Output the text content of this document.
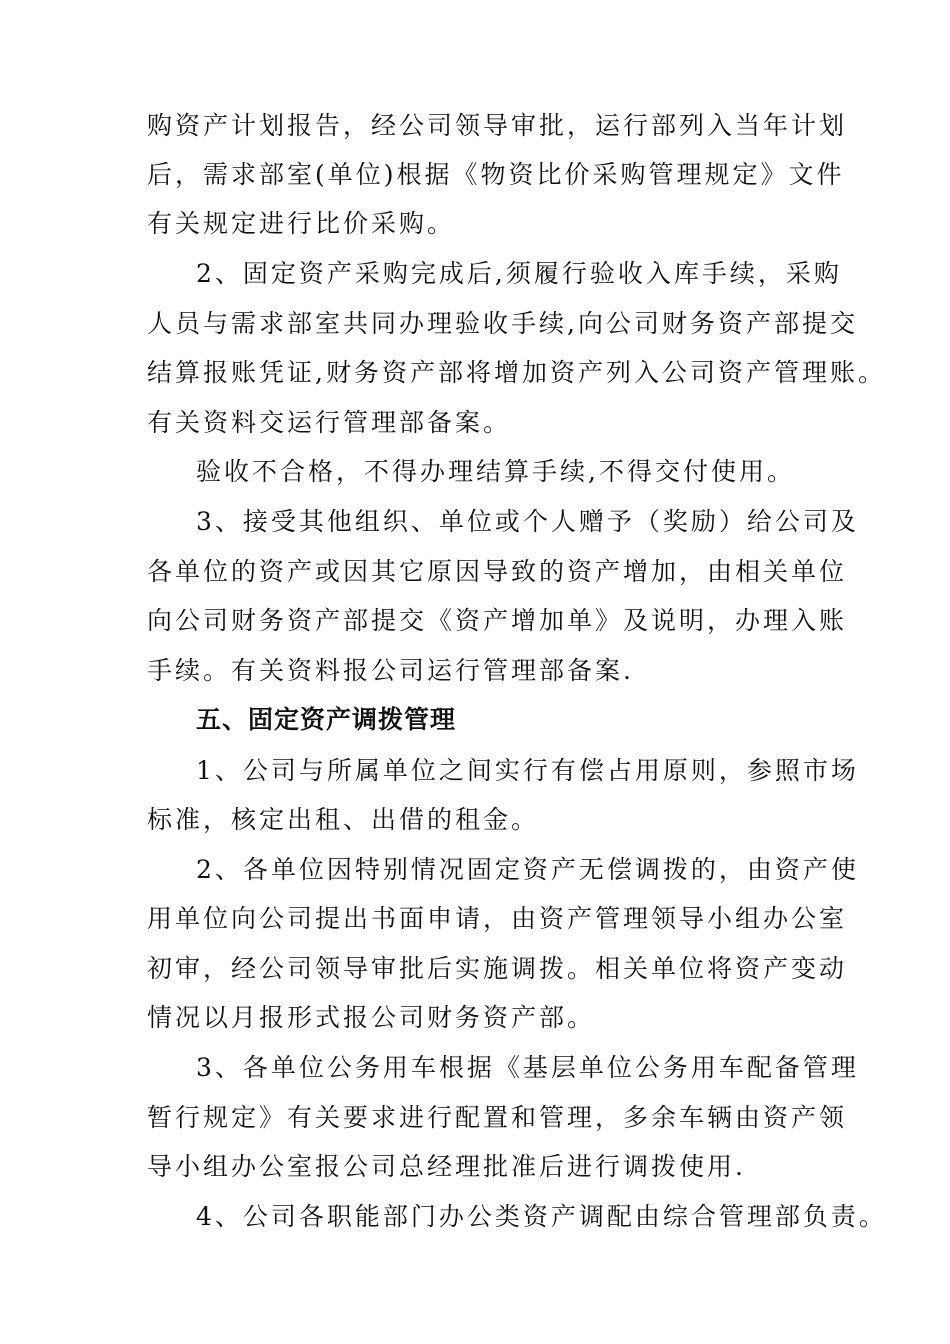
购资产计划报告，经公司领导审批，运行部列入当年计划
后，需求部室(单位)根据《物资比价采购管理规定》文件
有关规定进行比价采购。
2、固定资产采购完成后,须履行验收入库手续，采购
人员与需求部室共同办理验收手续,向公司财务资产部提交
结算报账凭证,财务资产部将增加资产列入公司资产管理账。
有关资料交运行管理部备案。
验收不合格，不得办理结算手续,不得交付使用。
3、接受其他组织、单位或个人赠予（奖励）给公司及
各单位的资产或因其它原因导致的资产增加，由相关单位
向公司财务资产部提交《资产增加单》及说明，办理入账
手续。有关资料报公司运行管理部备案.
五、固定资产调拨管理
1、公司与所属单位之间实行有偿占用原则，参照市场
标准，核定出租、出借的租金。
2、各单位因特别情况固定资产无偿调拨的，由资产使
用单位向公司提出书面申请，由资产管理领导小组办公室
初审，经公司领导审批后实施调拨。相关单位将资产变动
情况以月报形式报公司财务资产部。
3、各单位公务用车根据《基层单位公务用车配备管理
暂行规定》有关要求进行配置和管理，多余车辆由资产领
导小组办公室报公司总经理批准后进行调拨使用.
4、公司各职能部门办公类资产调配由综合管理部负责。
